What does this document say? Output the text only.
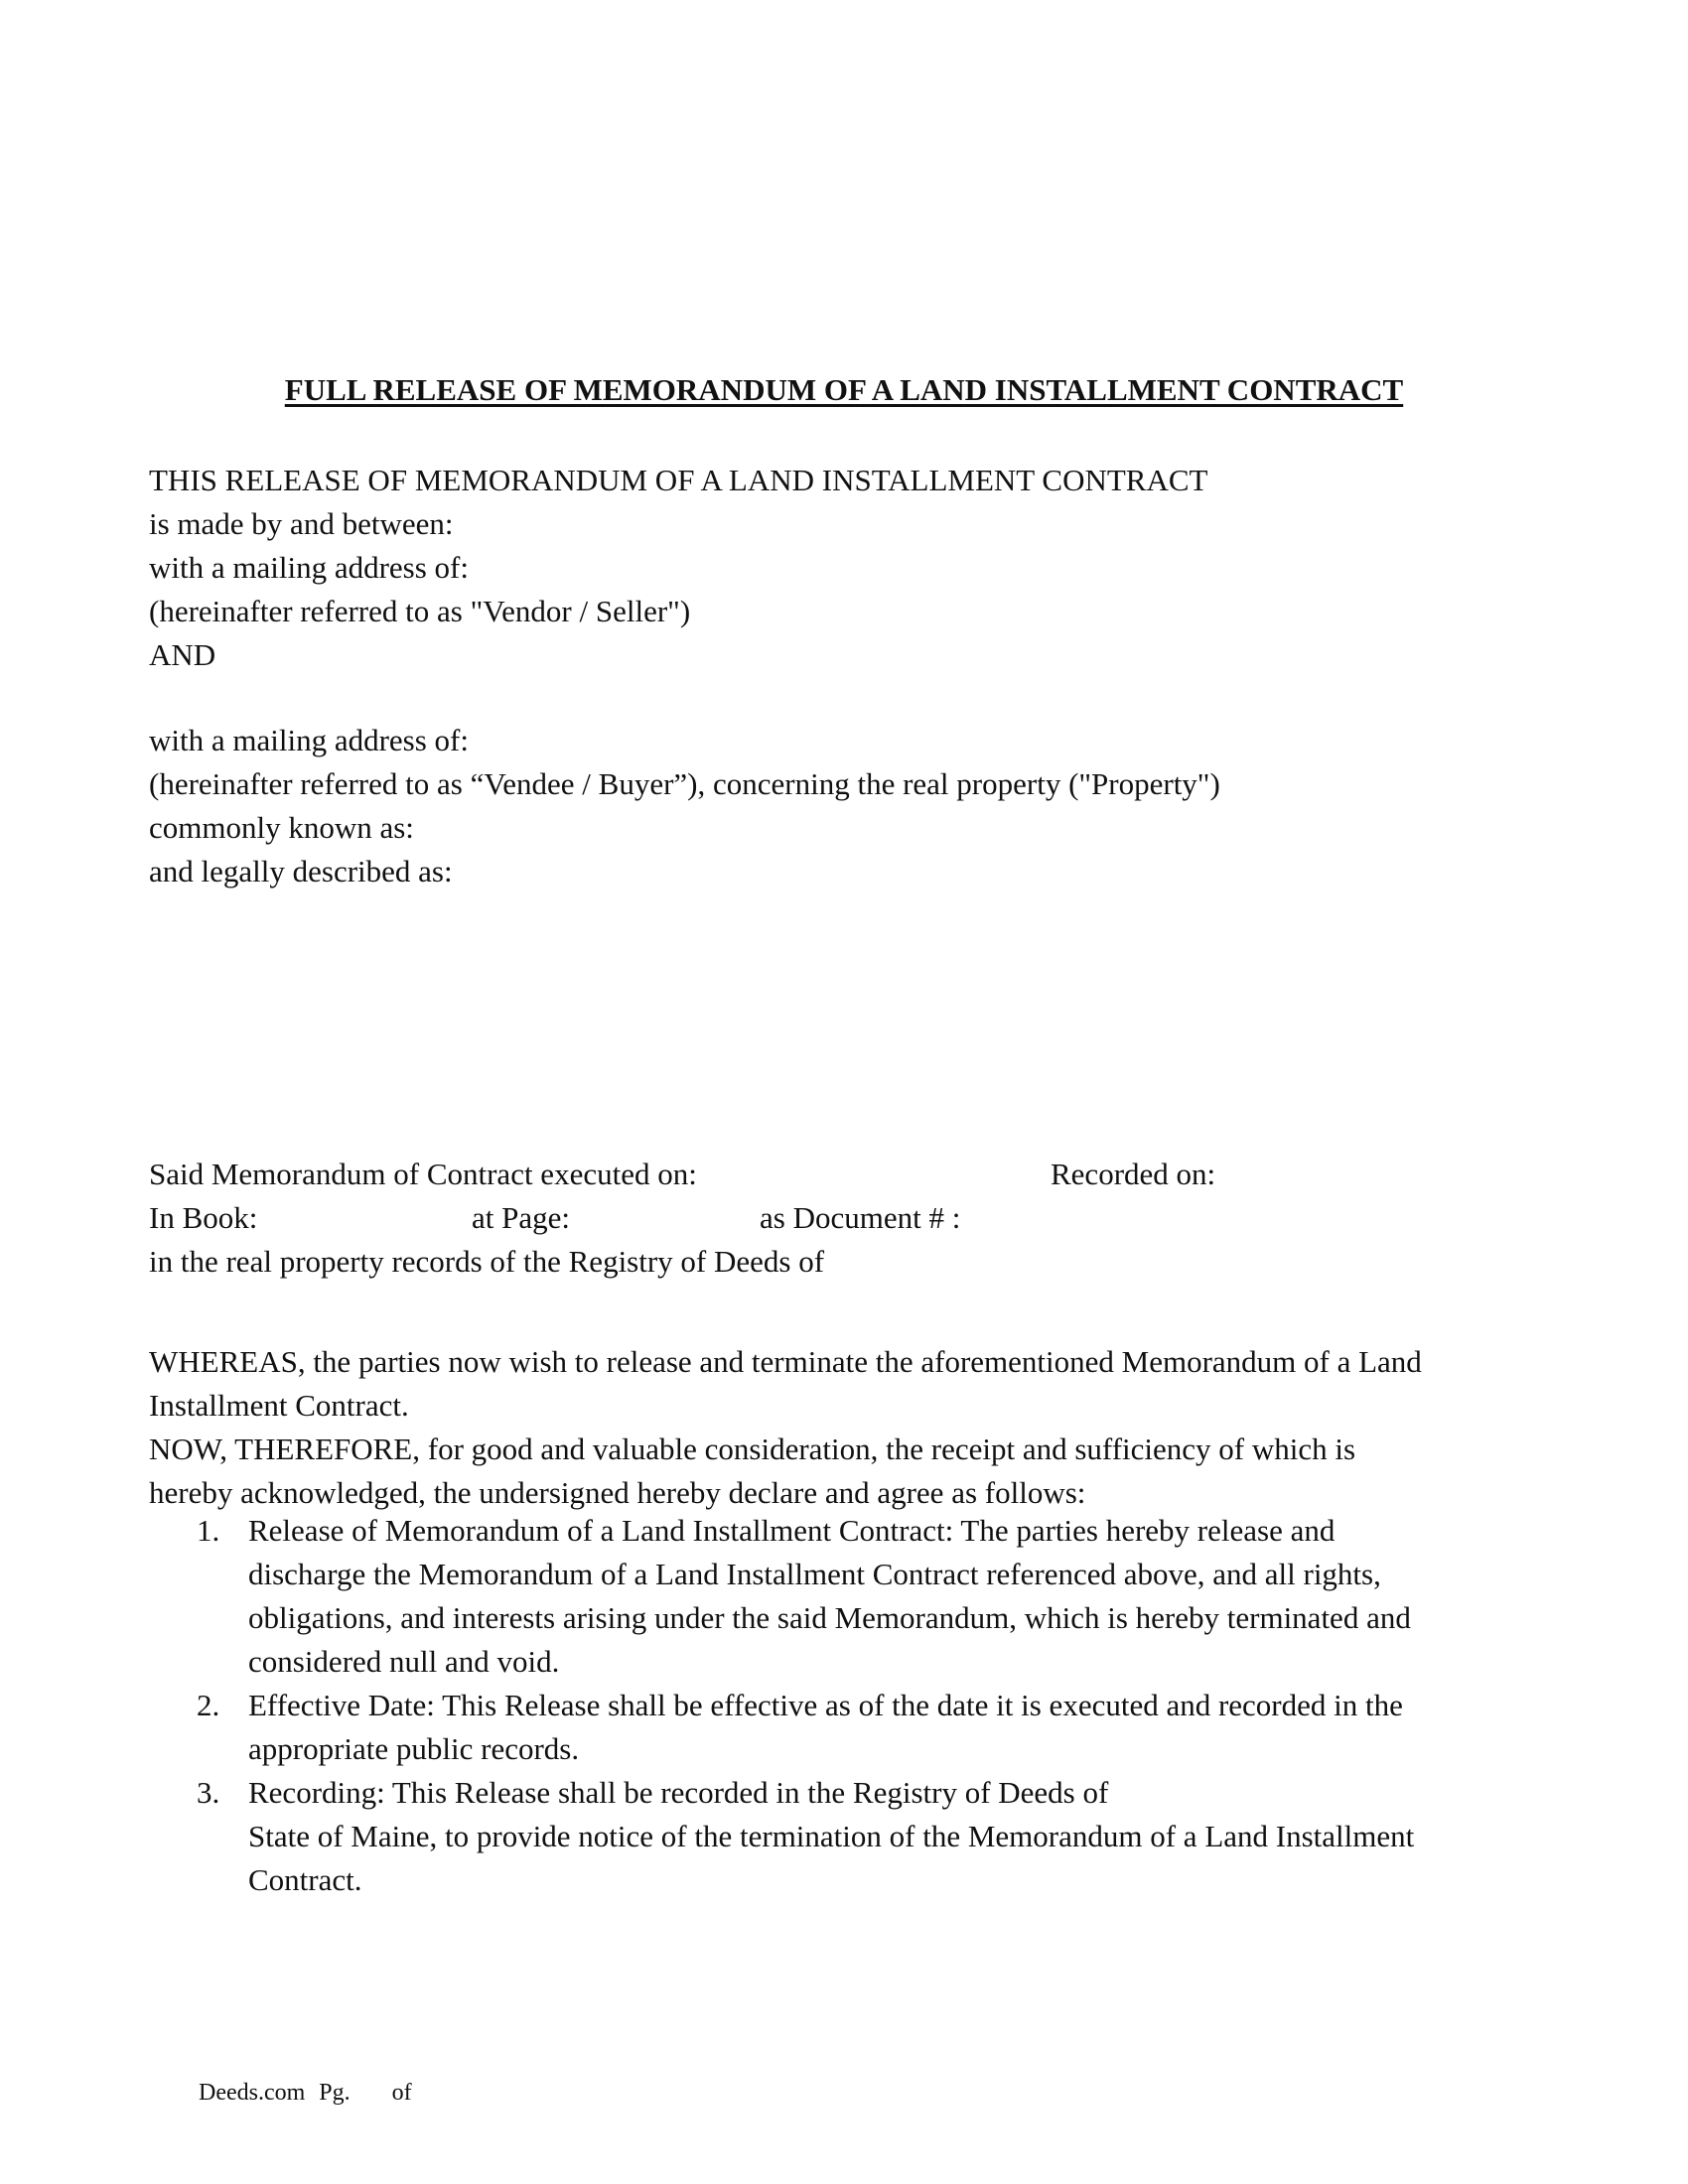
FULL RELEASE OF MEMORANDUM OF A LAND INSTALLMENT CONTRACT
THIS RELEASE OF MEMORANDUM OF A LAND INSTALLMENT CONTRACT
is made by and between:
with a mailing address of:
(hereinafter referred to as "Vendor / Seller")
AND
with a mailing address of:
(hereinafter referred to as “Vendee / Buyer”), concerning the real property ("Property")
commonly known as:
and legally described as:
Said Memorandum of Contract executed on:	Recorded on:
In Book:	at Page:	as Document # :
in the real property records of the Registry of Deeds of
WHEREAS, the parties now wish to release and terminate the aforementioned Memorandum of a Land
Installment Contract.
NOW, THEREFORE, for good and valuable consideration, the receipt and sufficiency of which is
hereby acknowledged, the undersigned hereby declare and agree as follows:
1. Release of Memorandum of a Land Installment Contract: The parties hereby release and
discharge the Memorandum of a Land Installment Contract referenced above, and all rights,
obligations, and interests arising under the said Memorandum, which is hereby terminated and
considered null and void.
2. Effective Date: This Release shall be effective as of the date it is executed and recorded in the
appropriate public records.
3. Recording: This Release shall be recorded in the Registry of Deeds of
State of Maine, to provide notice of the termination of the Memorandum of a Land Installment
Contract.
Deeds.com Pg. of
